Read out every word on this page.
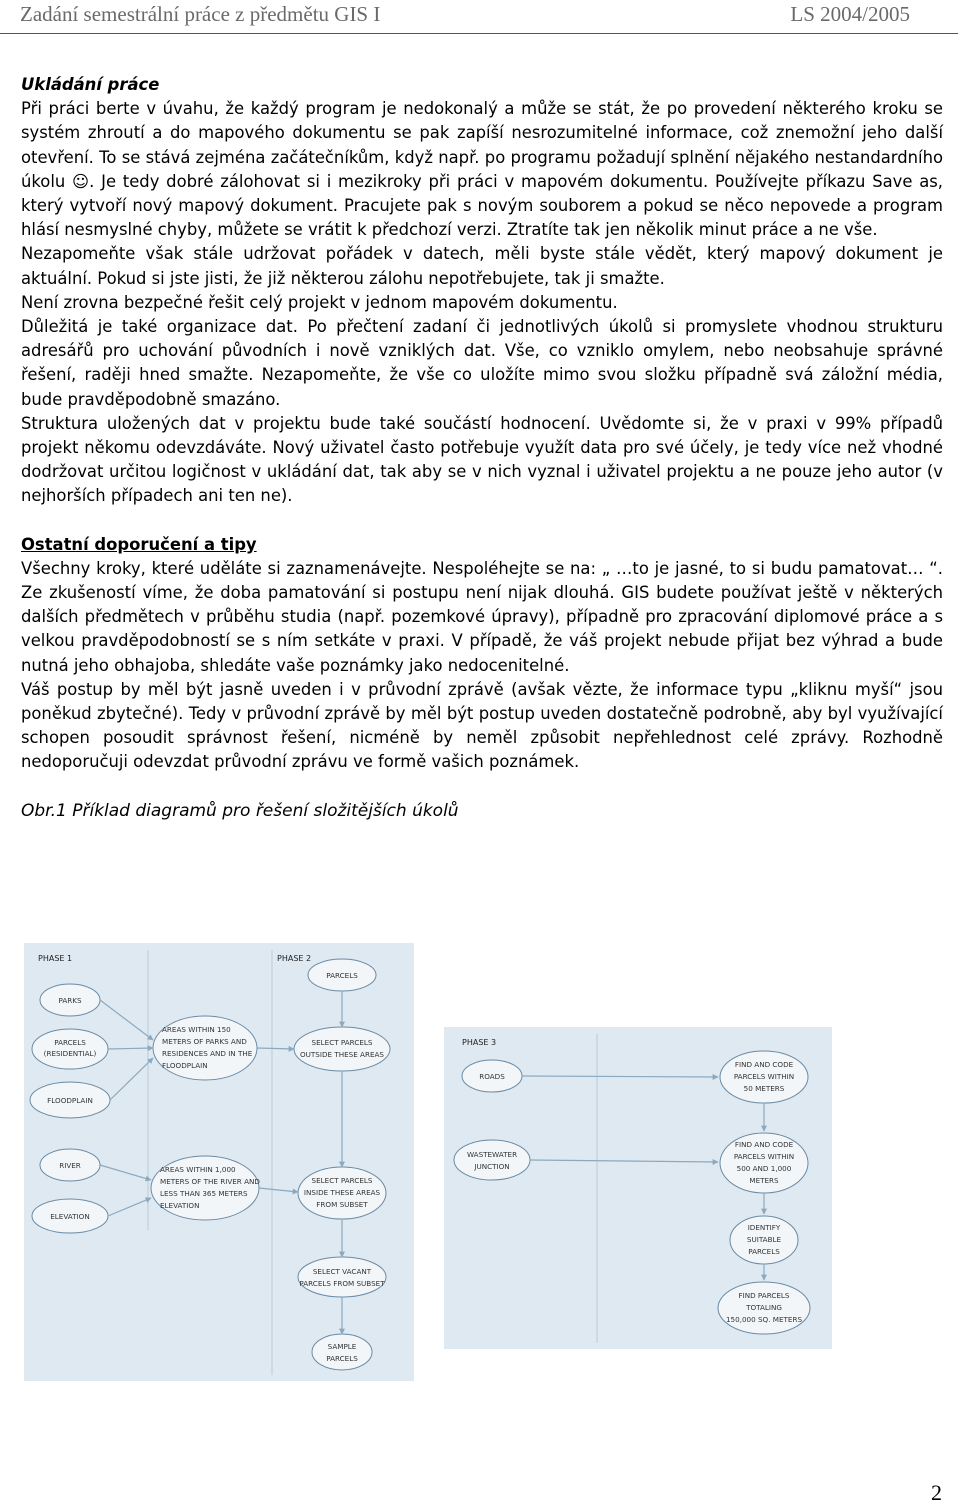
Zadání semestrální práce z předmětu GIS I	LS 2004/2005

Ukládání práce

Při práci berte v úvahu, že každý program je nedokonalý a může se stát, že po provedení některého kroku se systém zhroutí a do mapového dokumentu se pak zapíší nesrozumitelné informace, což znemožní jeho další otevření. To se stává zejména začátečníkům, když např. po programu požadují splnění nějakého nestandardního úkolu ☺. Je tedy dobré zálohovat si i mezikroky při práci v mapovém dokumentu. Používejte příkazu Save as, který vytvoří nový mapový dokument. Pracujete pak s novým souborem a pokud se něco nepovede a program hlásí nesmyslné chyby, můžete se vrátit k předchozí verzi. Ztratíte tak jen několik minut práce a ne vše.

Nezapomeňte však stále udržovat pořádek v datech, měli byste stále vědět, který mapový dokument je aktuální. Pokud si jste jisti, že již některou zálohu nepotřebujete, tak ji smažte.

Není zrovna bezpečné řešit celý projekt v jednom mapovém dokumentu.

Důležitá je také organizace dat. Po přečtení zadaní či jednotlivých úkolů si promyslete vhodnou strukturu adresářů pro uchování původních i nově vzniklých dat. Vše, co vzniklo omylem, nebo neobsahuje správné řešení, raději hned smažte. Nezapomeňte, že vše co uložíte mimo svou složku případně svá záložní média, bude pravděpodobně smazáno.

Struktura uložených dat v projektu bude také součástí hodnocení. Uvědomte si, že v praxi v 99% případů projekt někomu odevzdáváte. Nový uživatel často potřebuje využít data pro své účely, je tedy více než vhodné dodržovat určitou logičnost v ukládání dat, tak aby se v nich vyznal i uživatel projektu a ne pouze jeho autor (v nejhorších případech ani ten ne).

Ostatní doporučení a tipy

Všechny kroky, které uděláte si zaznamenávejte. Nespoléhejte se na: „ …to je jasné, to si budu pamatovat… “. Ze zkušeností víme, že doba pamatování si postupu není nijak dlouhá. GIS budete používat ještě v některých dalších předmětech v průběhu studia (např. pozemkové úpravy), případně pro zpracování diplomové práce a s velkou pravděpodobností se s ním setkáte v praxi. V případě, že váš projekt nebude přijat bez výhrad a bude nutná jeho obhajoba, shledáte vaše poznámky jako nedocenitelné.

Váš postup by měl být jasně uveden i v průvodní zprávě (avšak vězte, že informace typu „kliknu myší“ jsou poněkud zbytečné). Tedy v průvodní zprávě by měl být postup uveden dostatečně podrobně, aby byl využívající schopen posoudit správnost řešení, nicméně by neměl způsobit nepřehlednost celé zprávy. Rozhodně nedoporučuji odevzdat průvodní zprávu ve formě vašich poznámek.

Obr.1 Příklad diagramů pro řešení složitějších úkolů

PHASE 1	PHASE 2
PARKS
PARCELS
(RESIDENTIAL)
FLOODPLAIN
RIVER
ELEVATION
PARCELS
AREAS WITHIN 150
METERS OF PARKS AND
RESIDENCES AND IN THE
FLOODPLAIN
SELECT PARCELS
OUTSIDE THESE AREAS
AREAS WITHIN 1,000
METERS OF THE RIVER AND
LESS THAN 365 METERS
ELEVATION
SELECT PARCELS
INSIDE THESE AREAS
FROM SUBSET
SELECT VACANT
PARCELS FROM SUBSET
SAMPLE
PARCELS
PHASE 3
ROADS
WASTEWATER
JUNCTION
FIND AND CODE
PARCELS WITHIN
50 METERS
FIND AND CODE
PARCELS WITHIN
500 AND 1,000
METERS
IDENTIFY
SUITABLE
PARCELS
FIND PARCELS
TOTALING
150,000 SQ. METERS
2
